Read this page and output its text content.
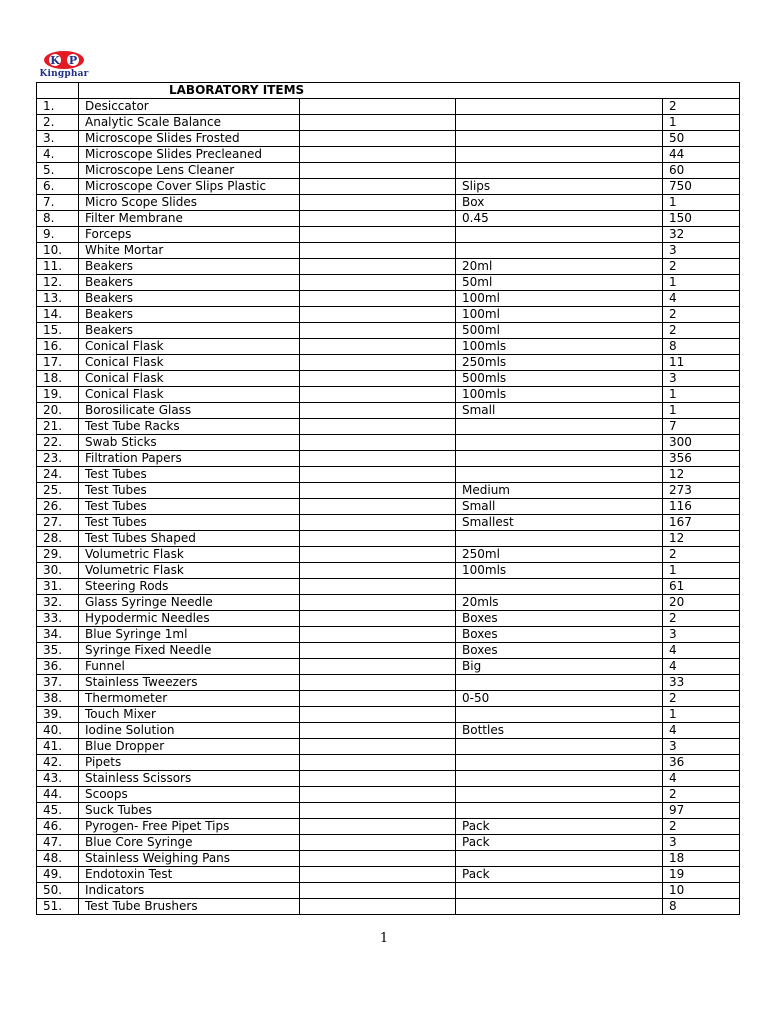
K P
Kingphar
	LABORATORY ITEMS			
1.	Desiccator			2
2.	Analytic Scale Balance			1
3.	Microscope Slides Frosted			50
4.	Microscope Slides Precleaned			44
5.	Microscope Lens Cleaner			60
6.	Microscope Cover Slips Plastic		Slips	750
7.	Micro Scope Slides		Box	1
8.	Filter Membrane		0.45	150
9.	Forceps			32
10.	White Mortar			3
11.	Beakers		20ml	2
12.	Beakers		50ml	1
13.	Beakers		100ml	4
14.	Beakers		100ml	2
15.	Beakers		500ml	2
16.	Conical Flask		100mls	8
17.	Conical Flask		250mls	11
18.	Conical Flask		500mls	3
19.	Conical Flask		100mls	1
20.	Borosilicate Glass		Small	1
21.	Test Tube Racks			7
22.	Swab Sticks			300
23.	Filtration Papers			356
24.	Test Tubes			12
25.	Test Tubes		Medium	273
26.	Test Tubes		Small	116
27.	Test Tubes		Smallest	167
28.	Test Tubes Shaped			12
29.	Volumetric Flask		250ml	2
30.	Volumetric Flask		100mls	1
31.	Steering Rods			61
32.	Glass Syringe Needle		20mls	20
33.	Hypodermic Needles		Boxes	2
34.	Blue Syringe 1ml		Boxes	3
35.	Syringe Fixed Needle		Boxes	4
36.	Funnel		Big	4
37.	Stainless Tweezers			33
38.	Thermometer		0-50	2
39.	Touch Mixer			1
40.	Iodine Solution		Bottles	4
41.	Blue Dropper			3
42.	Pipets			36
43.	Stainless Scissors			4
44.	Scoops			2
45.	Suck Tubes			97
46.	Pyrogen- Free Pipet Tips		Pack	2
47.	Blue Core Syringe		Pack	3
48.	Stainless Weighing Pans			18
49.	Endotoxin Test		Pack	19
50.	Indicators			10
51.	Test Tube Brushers			8
1
